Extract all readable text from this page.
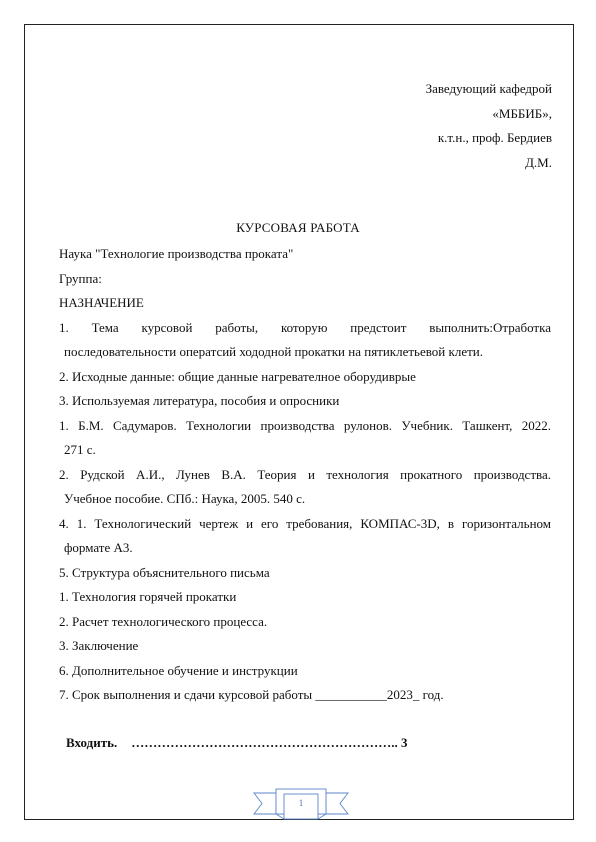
Заведующий кафедрой
«МББИБ»,
к.т.н., проф. Бердиев
Д.М.
КУРСОВАЯ РАБОТА

Наука "Технологие производства проката"

Группа:

НАЗНАЧЕНИЕ

1. Тема курсовой работы, которую предстоит выполнить:Отработка

последовательности оператсий хододной прокатки на пятиклетьевой клети.

2. Исходные данные: общие данные нагревателное оборудиврые

3. Используемая литература, пособия и опросники

1. Б.М. Садумаров. Технологии производства рулонов. Учебник. Ташкент, 2022.

271 с.

2. Рудской А.И., Лунев В.А. Теория и технология прокатного производства.

Учебное пособие. СПб.: Наука, 2005. 540 с.

4. 1. Технологический чертеж и его требования, КОМПАС-3D, в горизонтальном

формате А3.

5. Структура объяснительного письма

1. Технология горячей прокатки

2. Расчет технологического процесса.

3. Заключение

6. Дополнительное обучение и инструкции

7. Срок выполнения и сдачи курсовой работы ___________2023_ год.

Входить. …………………………………………………….. 3
1
